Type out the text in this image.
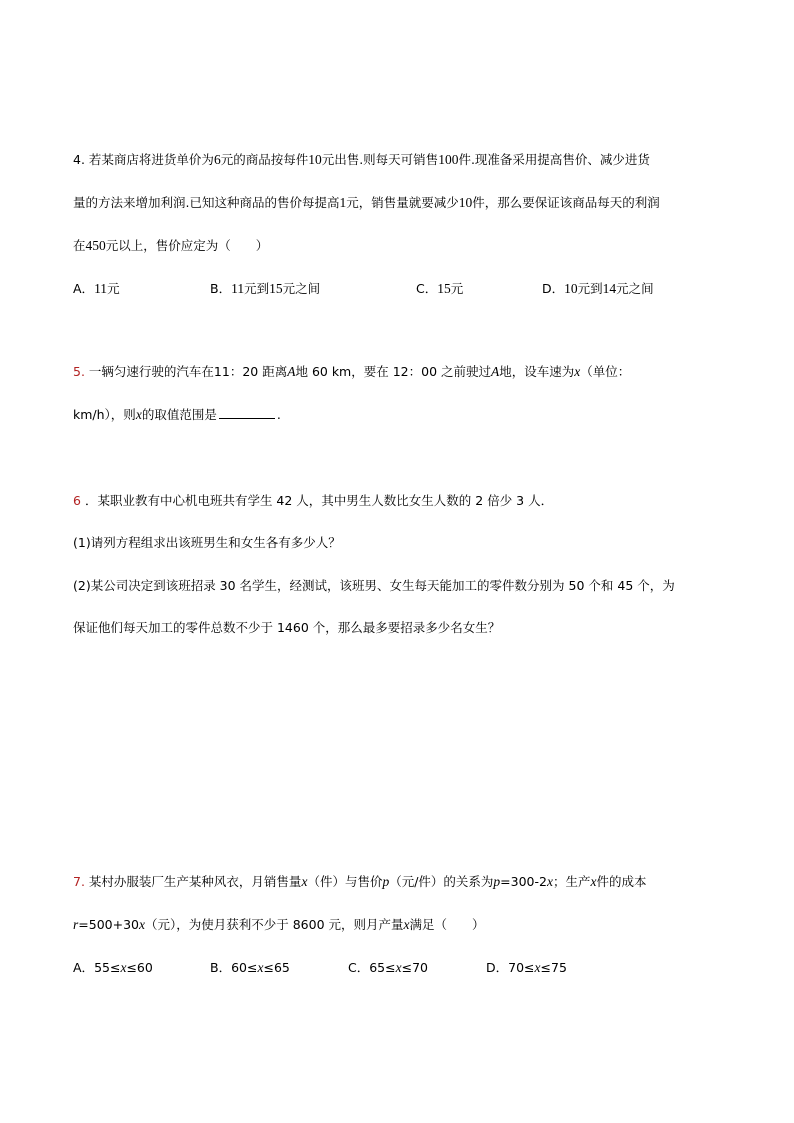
4. 若某商店将进货单价为6元的商品按每件10元出售.则每天可销售100件.现准备采用提高售价、减少进货
量的方法来增加利润.已知这种商品的售价每提高1元，销售量就要减少10件，那么要保证该商品每天的利润
在450元以上，售价应定为（　　）
A．11元	B．11元到15元之间	C．15元	D．10元到14元之间
5. 一辆匀速行驶的汽车在11：20 距离A地 60 km，要在 12：00 之前驶过A地，设车速为x（单位：
km/h），则x的取值范围是	.
6 ．某职业教有中心机电班共有学生 42 人，其中男生人数比女生人数的 2 倍少 3 人．
(1)请列方程组求出该班男生和女生各有多少人？
(2)某公司决定到该班招录 30 名学生，经测试，该班男、女生每天能加工的零件数分别为 50 个和 45 个，为
保证他们每天加工的零件总数不少于 1460 个，那么最多要招录多少名女生？
7. 某村办服装厂生产某种风衣，月销售量x（件）与售价p（元/件）的关系为p=300-2x；生产x件的成本
r=500+30x（元），为使月获利不少于 8600 元，则月产量x满足（　　）
A．55≤x≤60	B．60≤x≤65	C．65≤x≤70	D．70≤x≤75
